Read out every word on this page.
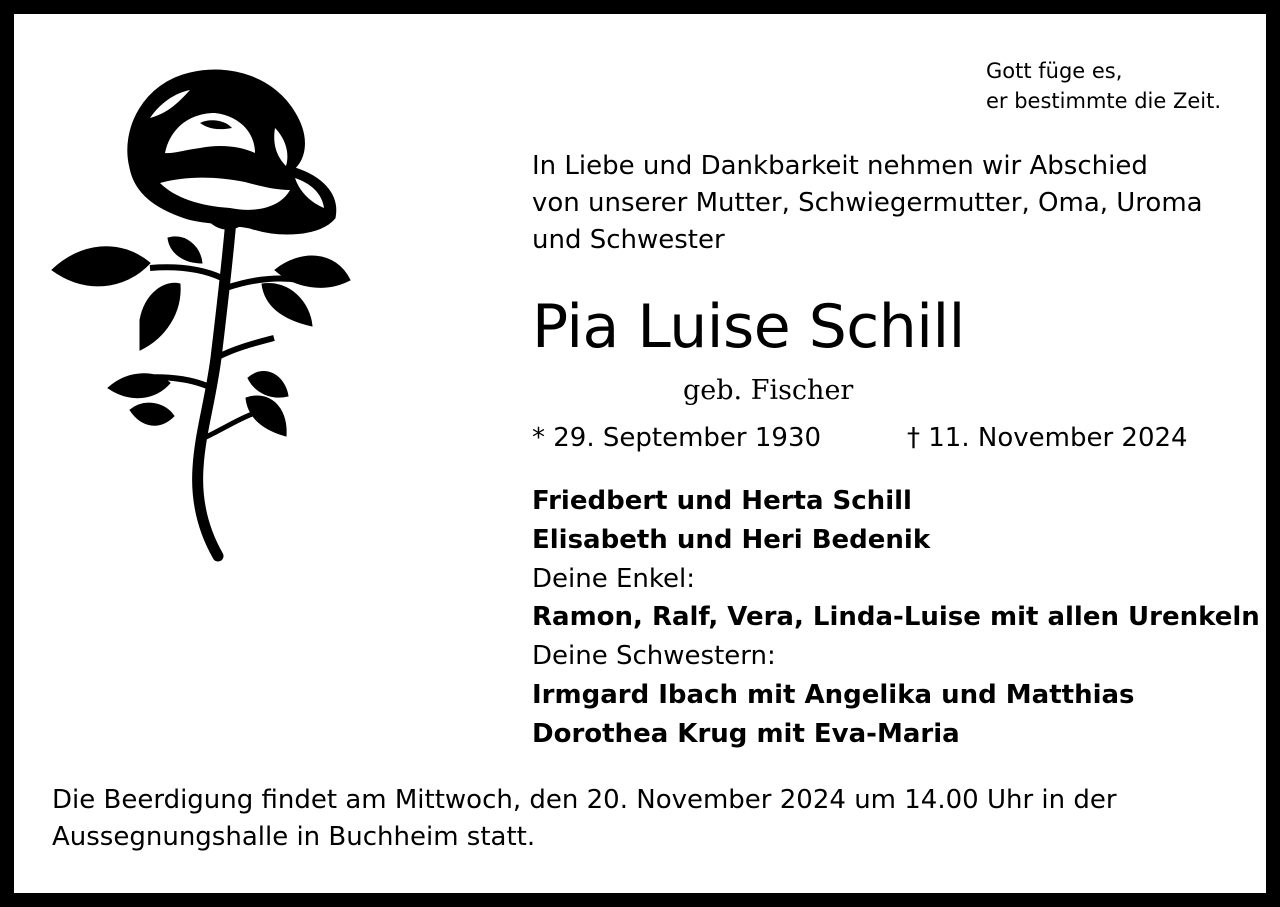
Gott füge es,
er bestimmte die Zeit.

In Liebe und Dankbarkeit nehmen wir Abschied
von unserer Mutter, Schwiegermutter, Oma, Uroma
und Schwester

Pia Luise Schill

geb. Fischer

* 29. September 1930	† 11. November 2024

Friedbert und Herta Schill
Elisabeth und Heri Bedenik
Deine Enkel:
Ramon, Ralf, Vera, Linda-Luise mit allen Urenkeln
Deine Schwestern:
Irmgard Ibach mit Angelika und Matthias
Dorothea Krug mit Eva-Maria

Die Beerdigung findet am Mittwoch, den 20. November 2024 um 14.00 Uhr in der
Aussegnungshalle in Buchheim statt.
